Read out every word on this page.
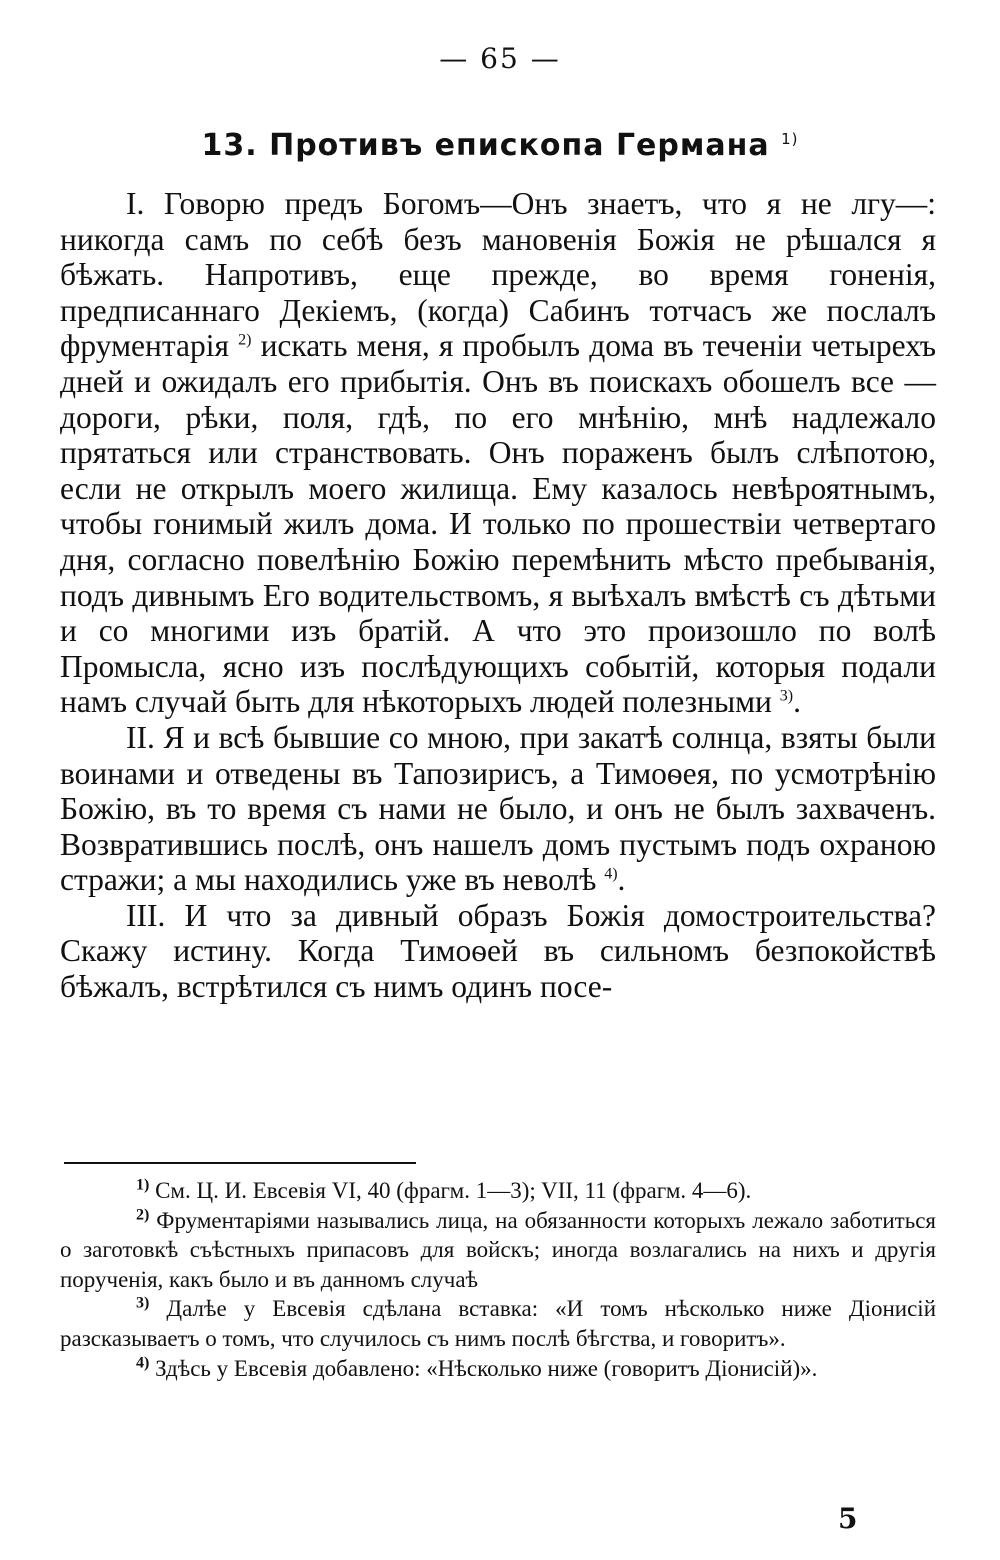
— 65 —
13. Противъ епископа Германа $^{1)}$

I. Говорю предъ Богомъ—Онъ знаетъ, что я не лгу—: никогда самъ по себѣ безъ мановенія Божія не рѣшался я бѣжать. Напротивъ, еще прежде, во время гоненія, предписаннаго Декіемъ, (когда) Сабинъ тотчасъ же послалъ фрументарія $^{2)}$ искать меня, я пробылъ дома въ теченіи четырехъ дней и ожидалъ его прибытія. Онъ въ поискахъ обошелъ все — дороги, рѣки, поля, гдѣ, по его мнѣнію, мнѣ надлежало прятаться или странствовать. Онъ пораженъ былъ слѣпотою, если не открылъ моего жилища. Ему казалось невѣроятнымъ, чтобы гонимый жилъ дома. И только по прошествіи четвертаго дня, согласно повелѣнію Божію перемѣнить мѣсто пребыванія, подъ дивнымъ Его водительствомъ, я выѣхалъ вмѣстѣ съ дѣтьми и со многими изъ братій. А что это произошло по волѣ Промысла, ясно изъ послѣдующихъ событій, которыя подали намъ случай быть для нѣкоторыхъ людей полезными $^{3)}$.

II. Я и всѣ бывшие со мною, при закатѣ солнца, взяты были воинами и отведены въ Тапозирисъ, а Тимоѳея, по усмотрѣнію Божію, въ то время съ нами не было, и онъ не былъ захваченъ. Возвратившись послѣ, онъ нашелъ домъ пустымъ подъ охраною стражи; а мы находились уже въ неволѣ $^{4)}$.

III. И что за дивный образъ Божія домостроительства? Скажу истину. Когда Тимоѳей въ сильномъ безпокойствѣ бѣжалъ, встрѣтился съ нимъ одинъ посе-

$^{1)}$ См. Ц. И. Евсевія VI, 40 (фрагм. 1—3); VII, 11 (фрагм. 4—6).

$^{2)}$ Фрументаріями назывались лица, на обязанности которыхъ лежало заботиться о заготовкѣ съѣстныхъ припасовъ для войскъ; иногда возлагались на нихъ и другія порученія, какъ было и въ данномъ случаѣ

$^{3)}$ Далѣе у Евсевія сдѣлана вставка: «И томъ нѣсколько ниже Діонисій разсказываетъ о томъ, что случилось съ нимъ послѣ бѣгства, и говоритъ».

$^{4)}$ Здѣсь у Евсевія добавлено: «Нѣсколько ниже (говоритъ Діонисій)».

5
